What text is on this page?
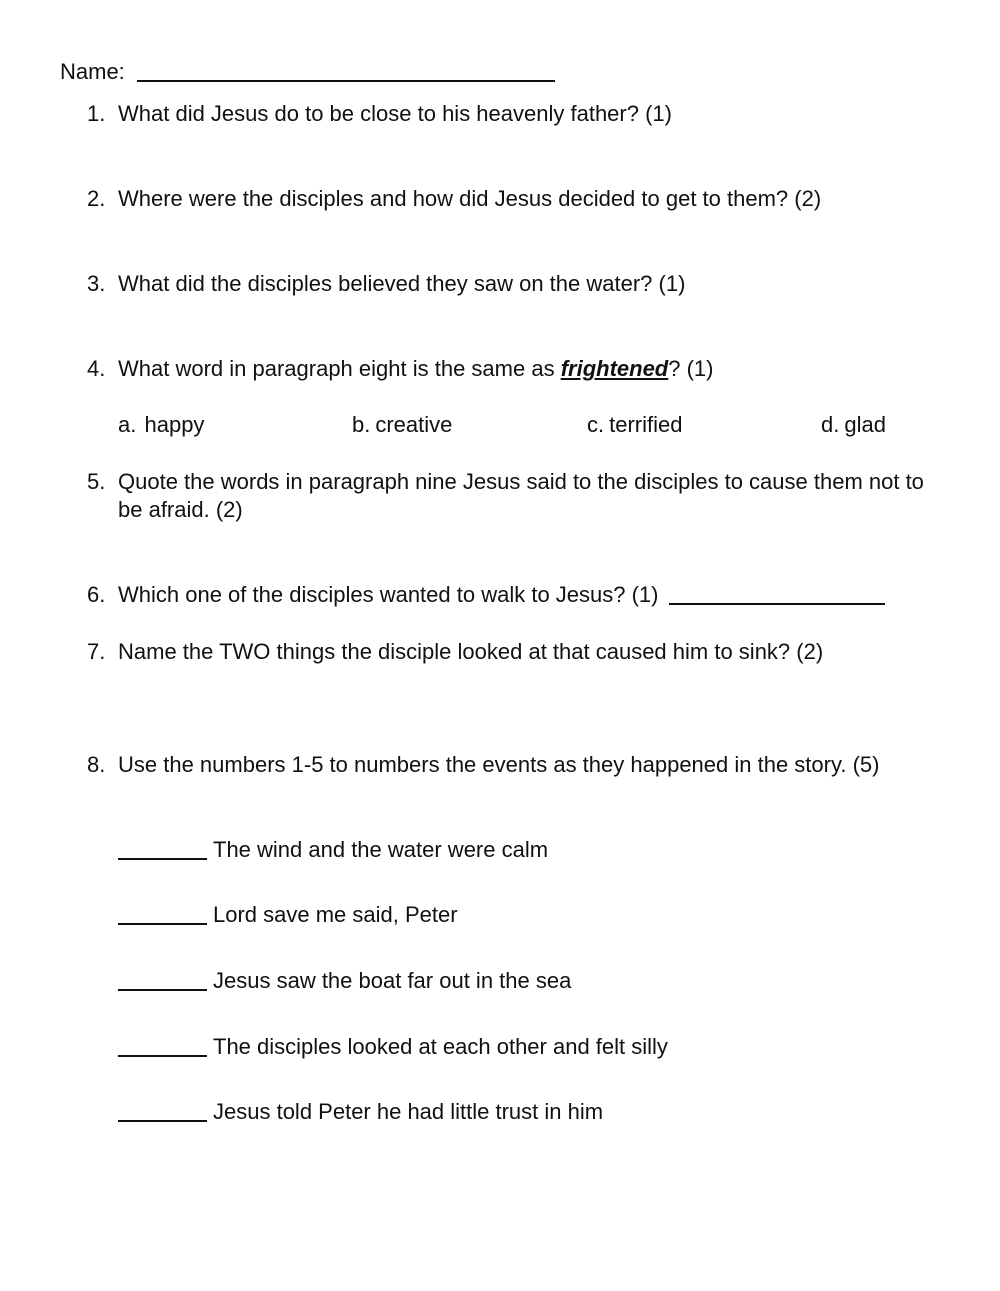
Name:
1. What did Jesus do to be close to his heavenly father? (1)
2. Where were the disciples and how did Jesus decided to get to them? (2)
3. What did the disciples believed they saw on the water? (1)
4. What word in paragraph eight is the same as frightened? (1)
a. happy	b. creative	c. terrified	d. glad
5. Quote the words in paragraph nine Jesus said to the disciples to cause them not to be afraid. (2)
6. Which one of the disciples wanted to walk to Jesus? (1)
7. Name the TWO things the disciple looked at that caused him to sink? (2)
8. Use the numbers 1-5 to numbers the events as they happened in the story. (5)
The wind and the water were calm
Lord save me said, Peter
Jesus saw the boat far out in the sea
The disciples looked at each other and felt silly
Jesus told Peter he had little trust in him
